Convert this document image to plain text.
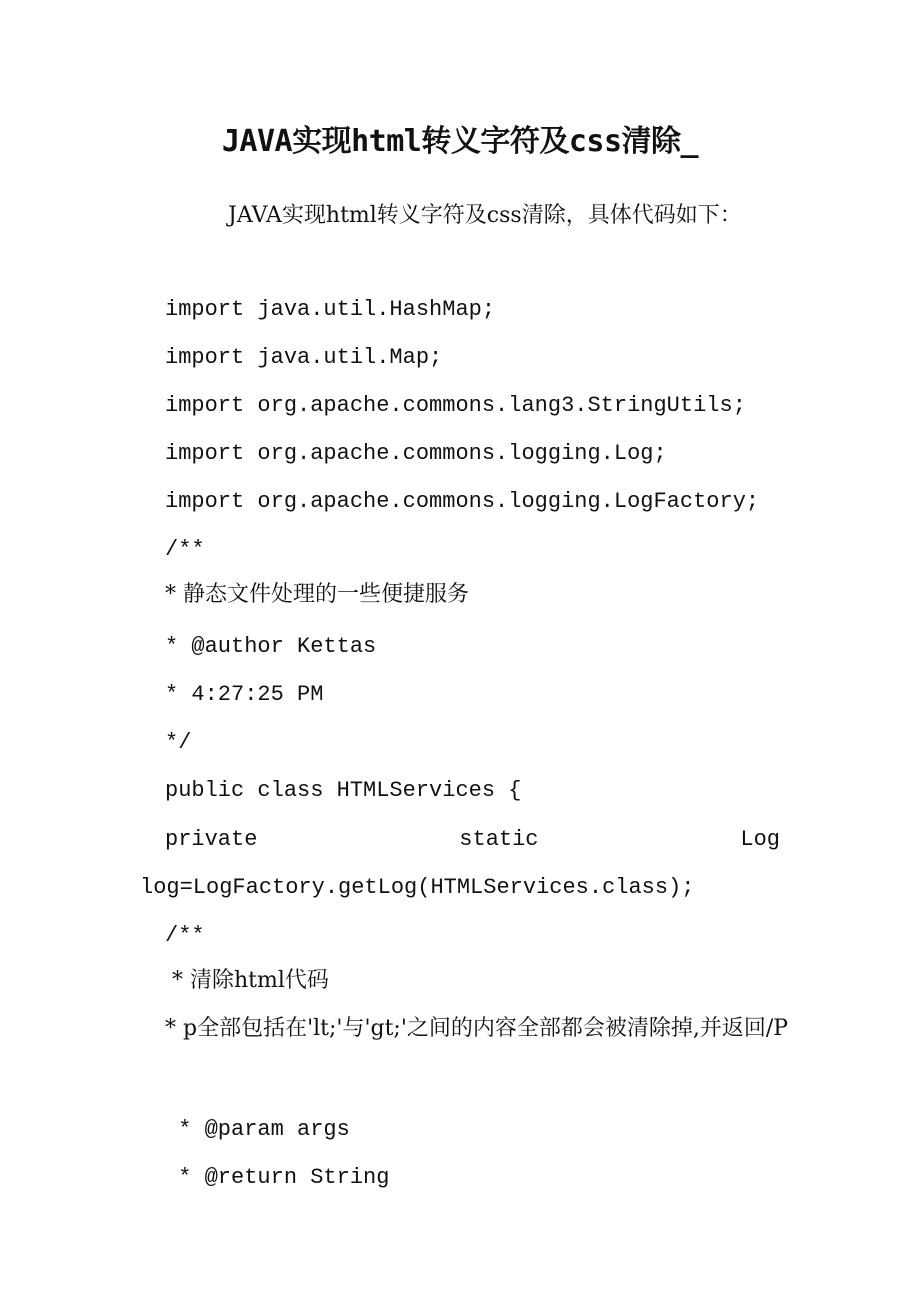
JAVA实现html转义字符及css清除_
JAVA实现html转义字符及css清除，具体代码如下：
import java.util.HashMap;
import java.util.Map;
import org.apache.commons.lang3.StringUtils;
import org.apache.commons.logging.Log;
import org.apache.commons.logging.LogFactory;
/**
* 静态文件处理的一些便捷服务
* @author Kettas
* 4:27:25 PM
*/
public class HTMLServices {
private	static	Log
log=LogFactory.getLog(HTMLServices.class);
/**
* 清除html代码
* p全部包括在'lt;'与'gt;'之间的内容全部都会被清除掉,并返回/P
* @param args
* @return String
